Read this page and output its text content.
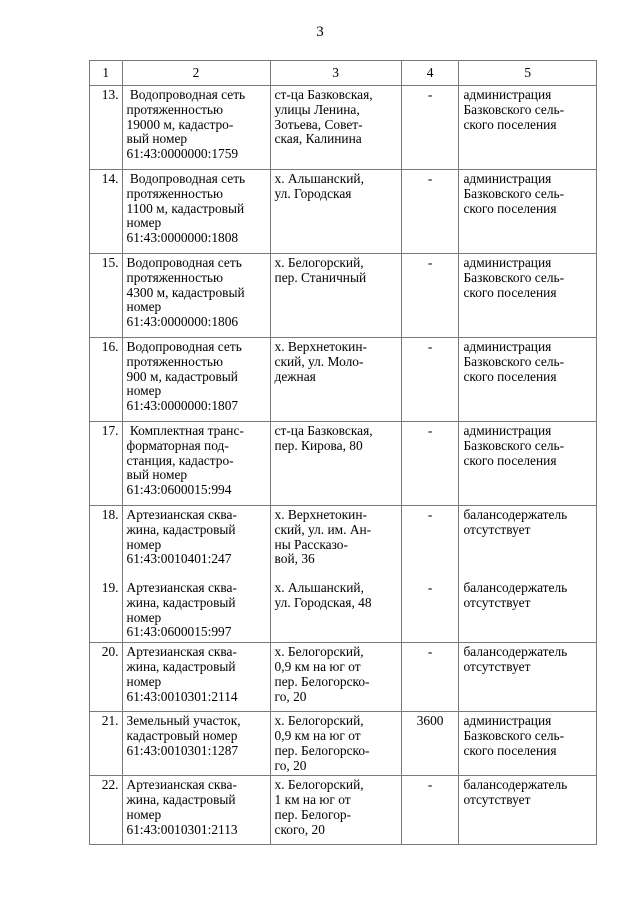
3
1	2	3	4	5
13.	Водопроводная сеть
протяженностью
19000 м, кадастро-
вый номер
61:43:0000000:1759	ст-ца Базковская,
улицы Ленина,
Зотьева, Совет-
ская, Калинина	-	администрация
Базковского сель-
ского поселения
14.	Водопроводная сеть
протяженностью
1100 м, кадастровый
номер
61:43:0000000:1808	х. Альшанский,
ул. Городская	-	администрация
Базковского сель-
ского поселения
15.	Водопроводная сеть
протяженностью
4300 м, кадастровый
номер
61:43:0000000:1806	х. Белогорский,
пер. Станичный	-	администрация
Базковского сель-
ского поселения
16.	Водопроводная сеть
протяженностью
900 м, кадастровый
номер
61:43:0000000:1807	х. Верхнетокин-
ский, ул. Моло-
дежная	-	администрация
Базковского сель-
ского поселения
17.	Комплектная транс-
форматорная под-
станция, кадастро-
вый номер
61:43:0600015:994	ст-ца Базковская,
пер. Кирова, 80	-	администрация
Базковского сель-
ского поселения
18.	Артезианская сква-
жина, кадастровый
номер
61:43:0010401:247	х. Верхнетокин-
ский, ул. им. Ан-
ны Рассказо-
вой, 36	-	балансодержатель
отсутствует
19.	Артезианская сква-
жина, кадастровый
номер
61:43:0600015:997	х. Альшанский,
ул. Городская, 48	-	балансодержатель
отсутствует
20.	Артезианская сква-
жина, кадастровый
номер
61:43:0010301:2114	х. Белогорский,
0,9 км на юг от
пер. Белогорско-
го, 20	-	балансодержатель
отсутствует
21.	Земельный участок,
кадастровый номер
61:43:0010301:1287	х. Белогорский,
0,9 км на юг от
пер. Белогорско-
го, 20	3600	администрация
Базковского сель-
ского поселения
22.	Артезианская сква-
жина, кадастровый
номер
61:43:0010301:2113	х. Белогорский,
1 км на юг от
пер. Белогор-
ского, 20	-	балансодержатель
отсутствует
